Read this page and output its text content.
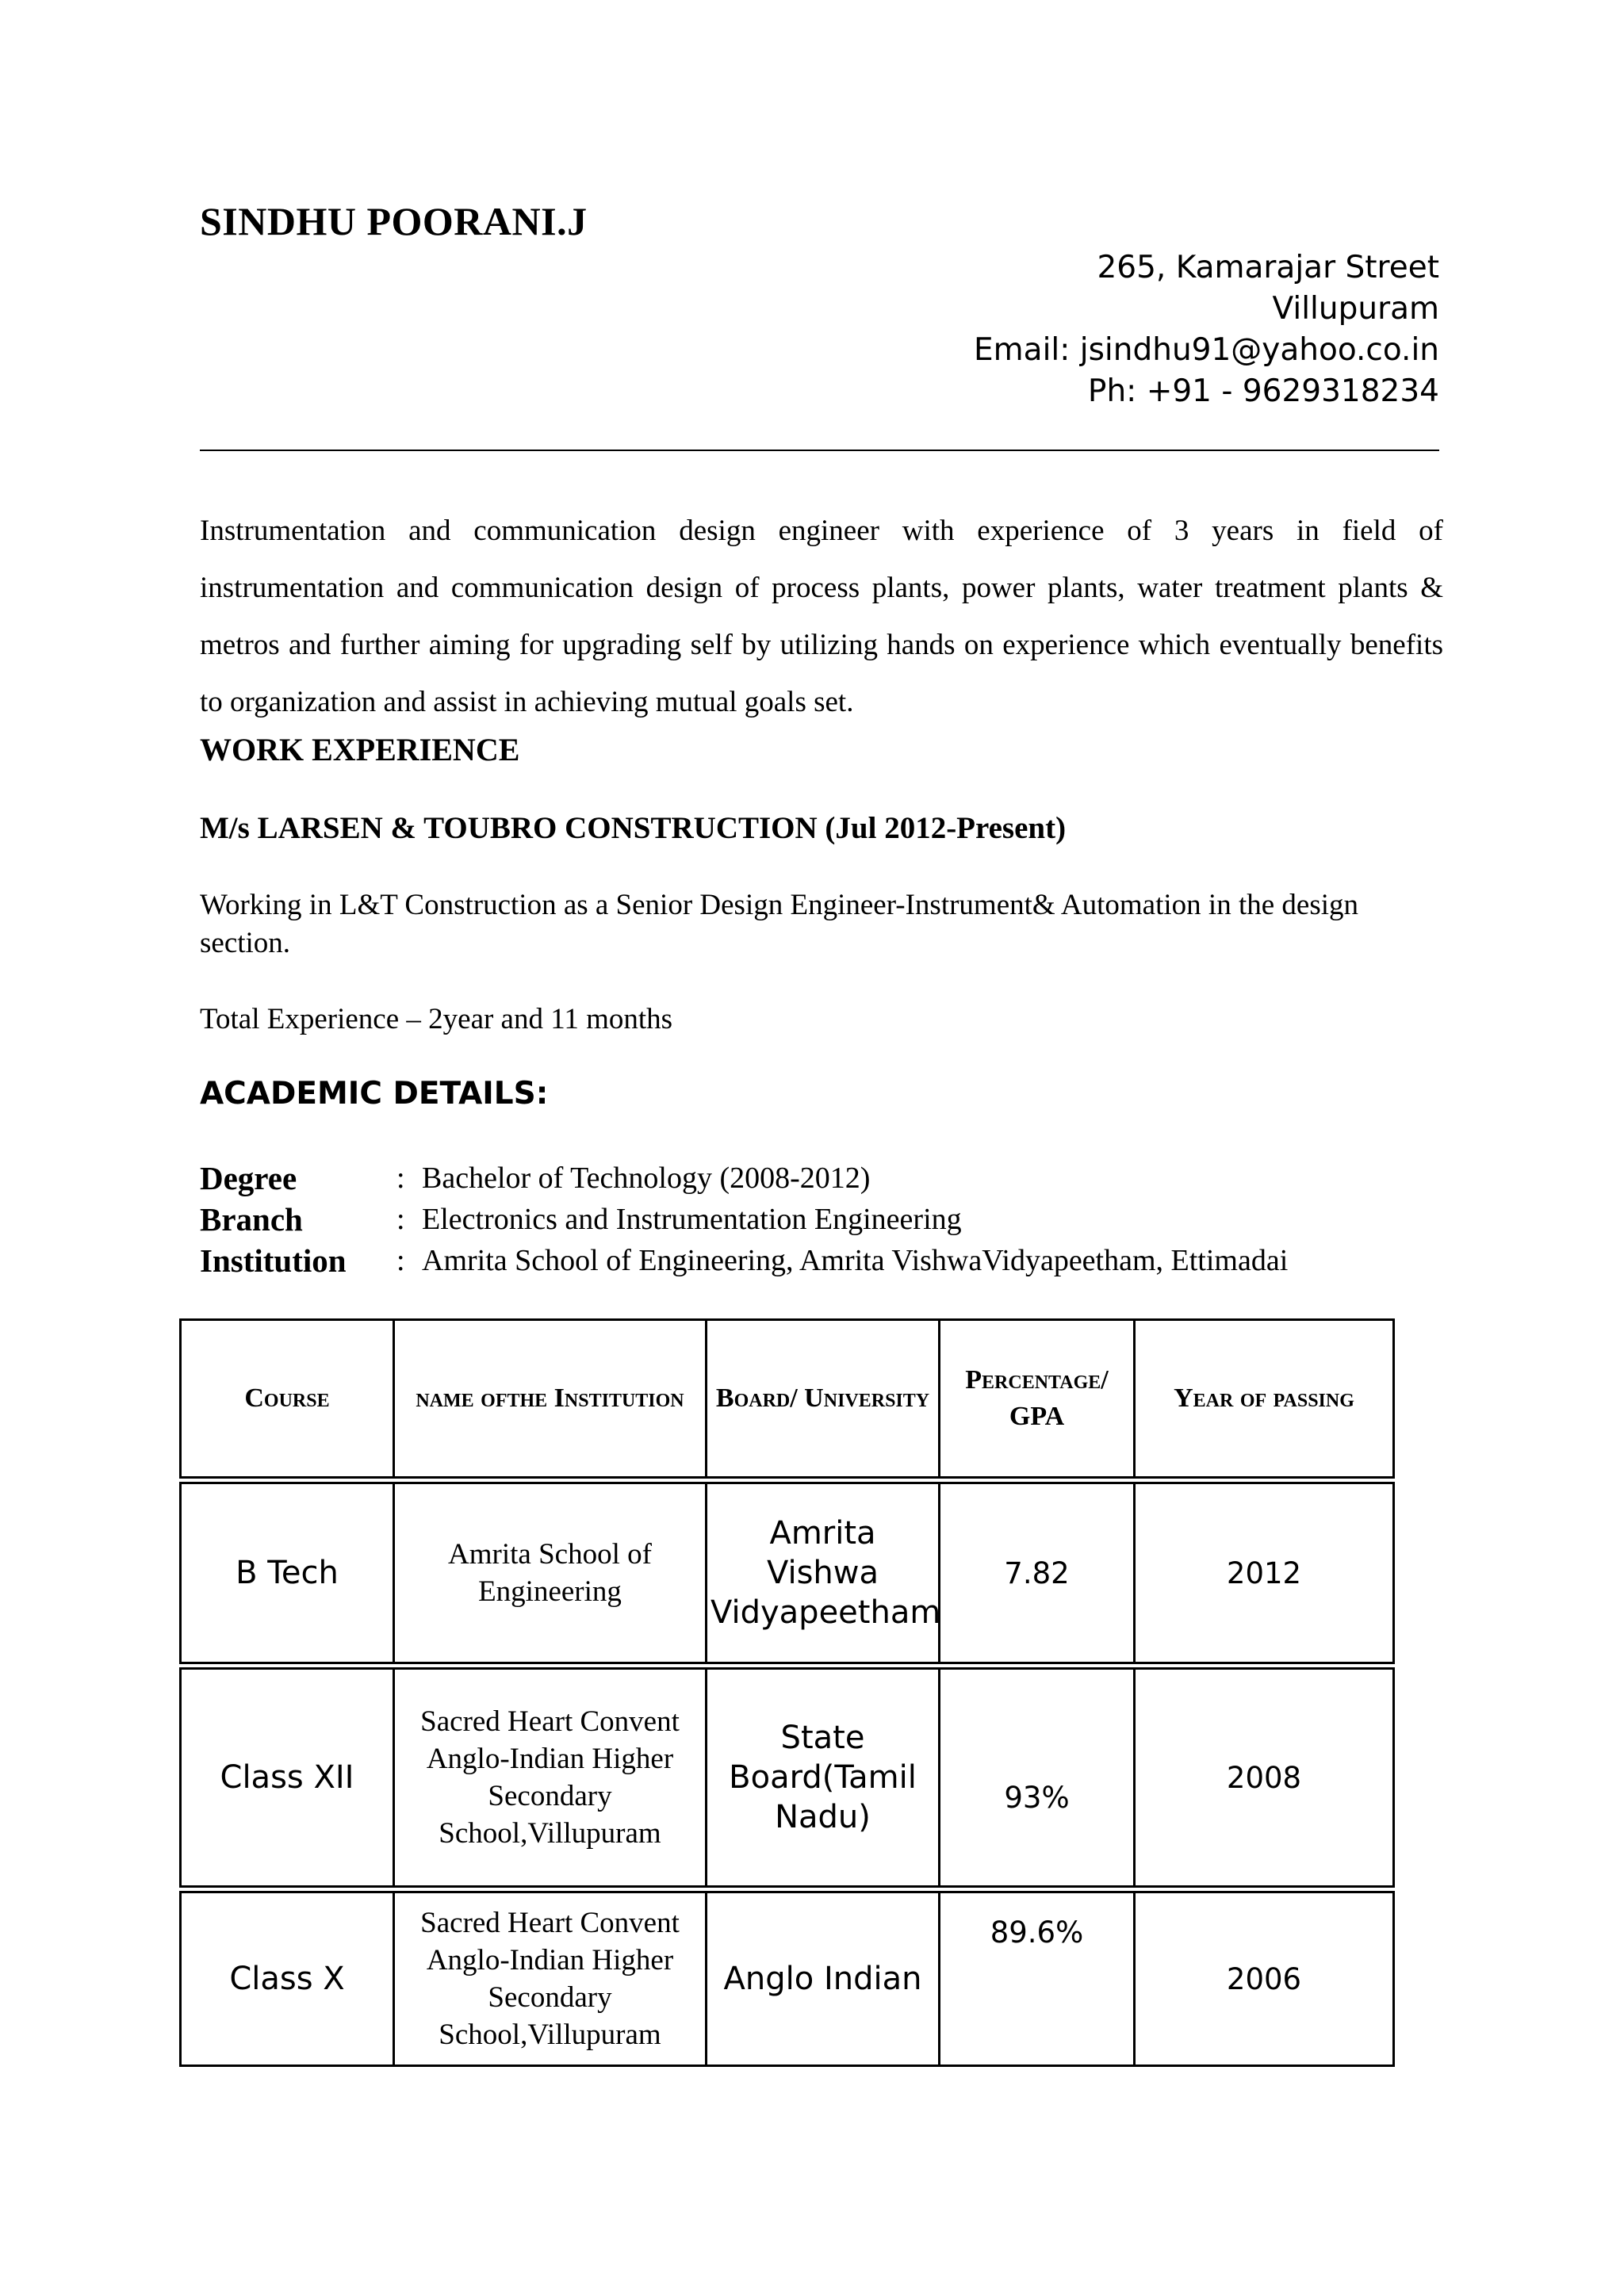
SINDHU POORANI.J
265, Kamarajar Street
Villupuram
Email: jsindhu91@yahoo.co.in
Ph: +91 - 9629318234
Instrumentation and communication design engineer with experience of 3 years in field of instrumentation and communication design of process plants, power plants, water treatment plants & metros and further aiming for upgrading self by utilizing hands on experience which eventually benefits to organization and assist in achieving mutual goals set.
WORK EXPERIENCE
M/s LARSEN & TOUBRO CONSTRUCTION (Jul 2012-Present)
Working in L&T Construction as a Senior Design Engineer-Instrument& Automation in the design section.
Total Experience – 2year and 11 months
ACADEMIC DETAILS:
Degree	: Bachelor of Technology (2008-2012)
Branch	: Electronics and Instrumentation Engineering
Institution	: Amrita School of Engineering, Amrita VishwaVidyapeetham, Ettimadai
Course	name ofthe Institution	Board/ University	Percentage/ GPA	Year of passing
B Tech	Amrita School of Engineering	Amrita Vishwa Vidyapeetham	7.82	2012
Class XII	Sacred Heart Convent Anglo-Indian Higher Secondary School,Villupuram	State Board(Tamil Nadu)	93%	2008
Class X	Sacred Heart Convent Anglo-Indian Higher Secondary School,Villupuram	Anglo Indian	89.6%	2006
